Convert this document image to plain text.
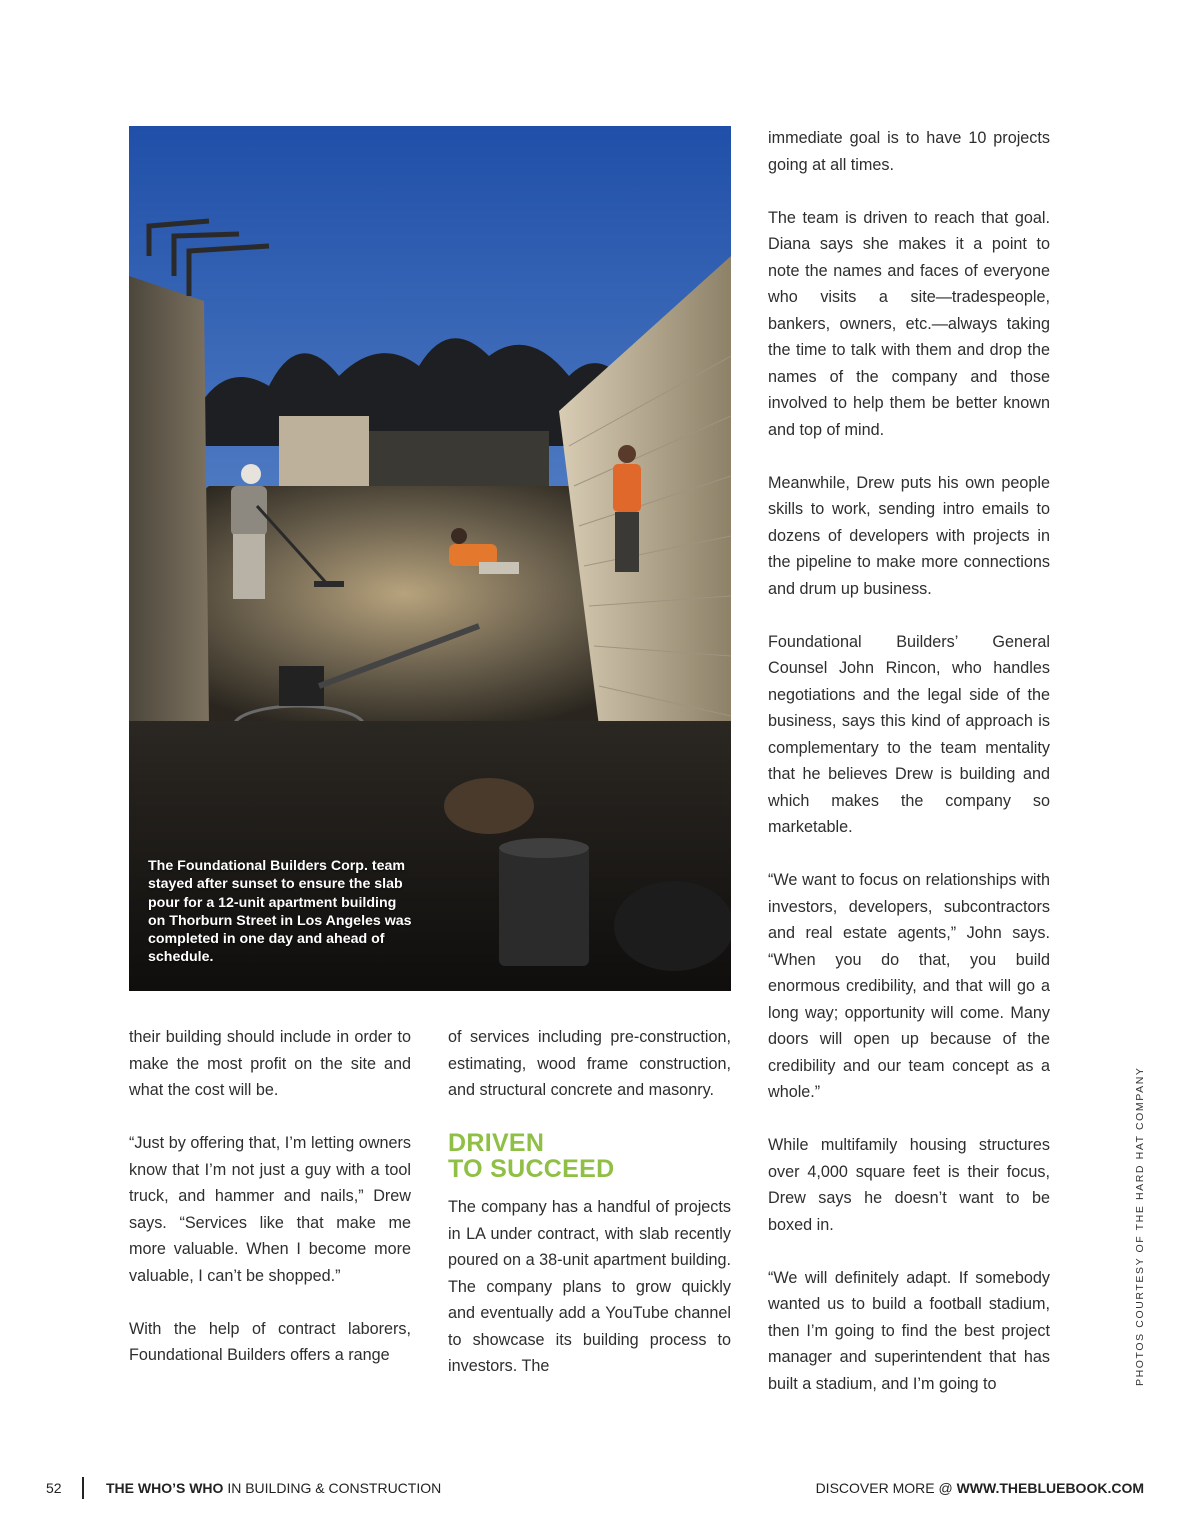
The Foundational Builders Corp. team stayed after sunset to ensure the slab pour for a 12-unit apartment building on Thorburn Street in Los Angeles was completed in one day and ahead of schedule.

their building should include in order to make the most profit on the site and what the cost will be.

“Just by offering that, I’m letting owners know that I’m not just a guy with a tool truck, and hammer and nails,” Drew says. “Services like that make me more valuable. When I become more valuable, I can’t be shopped.”

With the help of contract laborers, Foundational Builders offers a range

of services including pre-construction, estimating, wood frame construction, and structural concrete and masonry.

DRIVEN
TO SUCCEED

The company has a handful of projects in LA under contract, with slab recently poured on a 38-unit apartment building. The company plans to grow quickly and eventually add a YouTube channel to showcase its building process to investors. The

immediate goal is to have 10 projects going at all times.

The team is driven to reach that goal. Diana says she makes it a point to note the names and faces of everyone who visits a site—tradespeople, bankers, owners, etc.—always taking the time to talk with them and drop the names of the company and those involved to help them be better known and top of mind.

Meanwhile, Drew puts his own people skills to work, sending intro emails to dozens of developers with projects in the pipeline to make more connections and drum up business.

Foundational Builders’ General Counsel John Rincon, who handles negotiations and the legal side of the business, says this kind of approach is complementary to the team mentality that he believes Drew is building and which makes the company so marketable.

“We want to focus on relationships with investors, developers, subcontractors and real estate agents,” John says. “When you do that, you build enormous credibility, and that will go a long way; opportunity will come. Many doors will open up because of the credibility and our team concept as a whole.”

While multifamily housing structures over 4,000 square feet is their focus, Drew says he doesn’t want to be boxed in.

“We will definitely adapt. If somebody wanted us to build a football stadium, then I’m going to find the best project manager and superintendent that has built a stadium, and I’m going to	PHOTOS COURTESY OF THE HARD HAT COMPANY
52	THE WHO’S WHO IN BUILDING & CONSTRUCTION	DISCOVER MORE @ WWW.THEBLUEBOOK.COM
